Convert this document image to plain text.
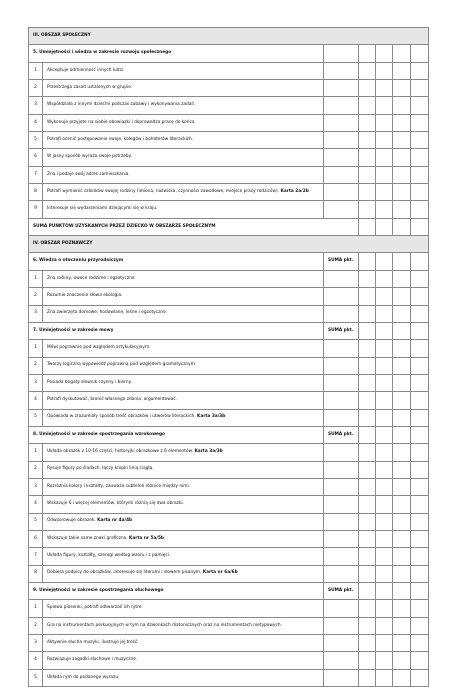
III. OBSZAR SPOŁECZNY						
5. Umiejętności i wiedza w zakresie rozwoju społecznego						
1	Akceptuje odmienność innych ludzi.					
2	Przestrzega zasad ustalonych w grupie.					
3	Współdziała z innymi dziećmi podczas zabawy i wykonywania zadań.					
4	Wykonuje przyjęte na siebie obowiązki i doprowadza pracę do końca.					
5	Potrafi ocenić postępowanie swoje, kolegów i bohaterów literackich.					
6	W jasny sposób wyraża swoje potrzeby.					
7	Zna i podaje swój adres zamieszkania.					
8	Potrafi wymienić członków swojej rodziny (imiona, nazwiska, czynności zawodowe, miejsce pracy rodziców). Karta 2a/2b					
9	Interesuje się wydarzeniami dziejącymi się w kraju.					
SUMA PUNKTÓW UZYSKANYCH PRZEZ DZIECKO W OBSZARZE SPOŁECZNYM						
IV. OBSZAR POZNAWCZY						
6. Wiedza o otoczeniu przyrodniczym		SUMA pkt.				
1	Zna rośliny, owoce rodzime i egzotyczne.					
2	Rozumie znaczenie słowa ekologia.					
3	Zna zwierzęta domowe, hodowlane, leśne i egzotyczne.					
7. Umiejętności w zakresie mowy		SUMA pkt.				
1	Mówi poprawnie pod względem artykulacyjnym.					
2	Tworzy logiczną wypowiedź poprawną pod względem gramatycznym.					
3	Posiada bogaty słownik czynny i bierny.					
4	Potrafi dyskutować, bronić własnego zdania, argumentować.					
5	Opowiada w zrozumiały sposób treść obrazków i utworów literackich. Karta 3a/3b					
8. Umiejętności w zakresie spostrzegania wzrokowego		SUMA pkt.				
1	Układa obrazek z 10-16 części, historyjki obrazkowe z 6 elementów. Karta 3a/3b					
2	Rysuje figury po śladach, łączy kropki linią ciągłą.					
3	Rozróżnia kolory i kształty, zauważa subtelne różnice między nimi.					
4	Wskazuje 6 i więcej elementów, którymi różnią się dwa obrazki.					
5	Odwzorowuje obrazek. Karta nr 4a/4b					
6	Wskazuje takie same znaki graficzne. Karta nr 5a/5b					
7	Układa figury, kształty, szeregi według wzoru i z pamięci.					
8	Dobiera podpisy do obrazków, interesuje się literami i słowem pisanym. Karta nr 6a/6b					
9. Umiejętności w zakresie spostrzegania słuchowego		SUMA pkt.				
1	Śpiewa piosenki, potrafi odtwarzać ich rytm.					
2	Gra na instrumentach perkusyjnych w tym na dzwonkach diatonicznych oraz na instrumentach nietypowych.					
3	Aktywnie słucha muzyki, ilustruje jej treść.					
4	Rozwiązuje zagadki słuchowe i muzyczne.					
5	Układa rym do podanego wyrazu.					
